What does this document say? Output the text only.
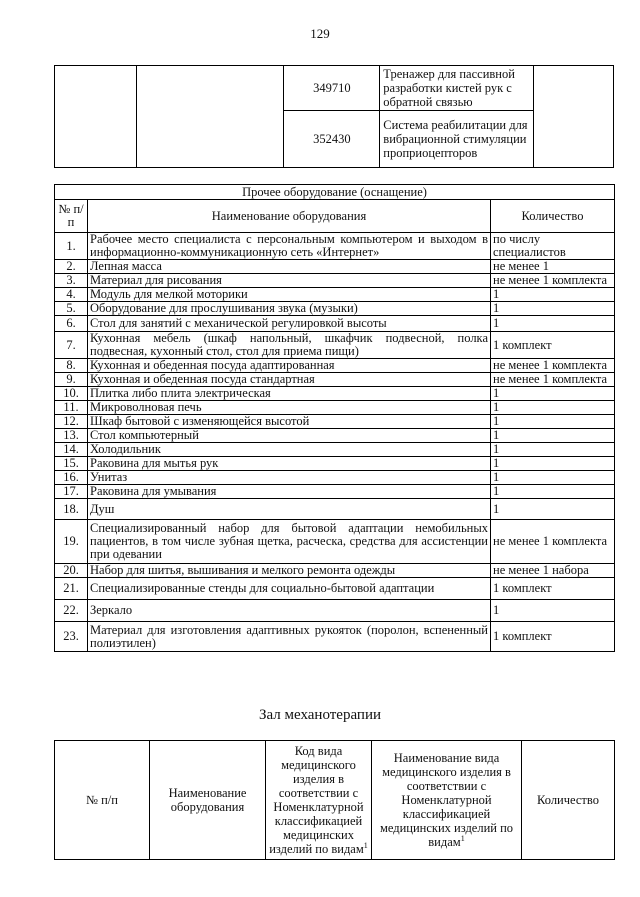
129
		349710	Тренажер для пассивной разработки кистей рук с обратной связью	
		352430	Система реабилитации для вибрационной стимуляции проприоцепторов	
Прочее оборудование (оснащение)		
№ п/п	Наименование оборудования	Количество
1.	Рабочее место специалиста с персональным компьютером и выходом в информационно-коммуникационную сеть «Интернет»	по числу специалистов
2.	Лепная масса	не менее 1
3.	Материал для рисования	не менее 1 комплекта
4.	Модуль для мелкой моторики	1
5.	Оборудование для прослушивания звука (музыки)	1
6.	Стол для занятий с механической регулировкой высоты	1
7.	Кухонная мебель (шкаф напольный, шкафчик подвесной, полка подвесная, кухонный стол, стол для приема пищи)	1 комплект
8.	Кухонная и обеденная посуда адаптированная	не менее 1 комплекта
9.	Кухонная и обеденная посуда стандартная	не менее 1 комплекта
10.	Плитка либо плита электрическая	1
11.	Микроволновая печь	1
12.	Шкаф бытовой с изменяющейся высотой	1
13.	Стол компьютерный	1
14.	Холодильник	1
15.	Раковина для мытья рук	1
16.	Унитаз	1
17.	Раковина для умывания	1
18.	Душ	1
19.	Специализированный набор для бытовой адаптации немобильных пациентов, в том числе зубная щетка, расческа, средства для ассистенции при одевании	не менее 1 комплекта
20.	Набор для шитья, вышивания и мелкого ремонта одежды	не менее 1 набора
21.	Специализированные стенды для социально-бытовой адаптации	1 комплект
22.	Зеркало	1
23.	Материал для изготовления адаптивных рукояток (поролон, вспененный полиэтилен)	1 комплект
Зал механотерапии
№ п/п	Наименование оборудования	Код вида медицинского изделия в соответствии с Номенклатурной классификацией медицинских изделий по видам$^1$	Наименование вида медицинского изделия в соответствии с Номенклатурной классификацией медицинских изделий по видам$^1$	Количество
